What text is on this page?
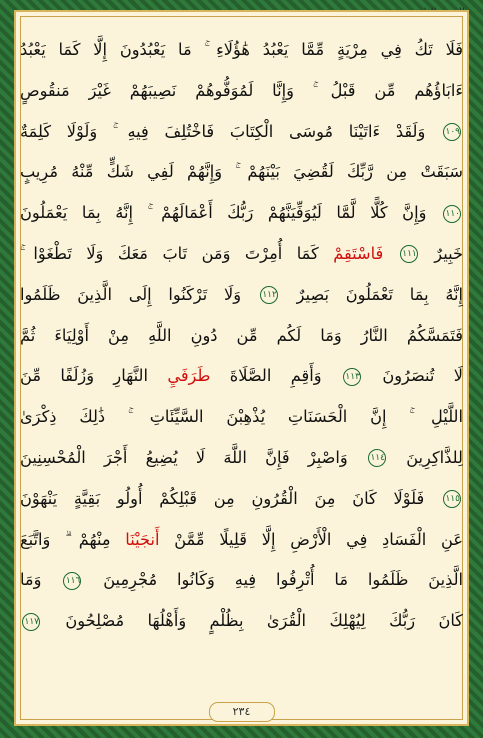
فَلَا تَكُ فِي مِرْيَةٍ مِّمَّا يَعْبُدُ هَٰؤُلَاءِ ۚ مَا يَعْبُدُونَ إِلَّا كَمَا يَعْبُدُ
ءَابَاؤُهُم مِّن قَبْلُ ۚ وَإِنَّا لَمُوَفُّوهُمْ نَصِيبَهُمْ غَيْرَ مَنقُوصٍ
١٠٩ وَلَقَدْ ءَاتَيْنَا مُوسَى الْكِتَابَ فَاخْتُلِفَ فِيهِ ۚ وَلَوْلَا كَلِمَةٌ
سَبَقَتْ مِن رَّبِّكَ لَقُضِيَ بَيْنَهُمْ ۚ وَإِنَّهُمْ لَفِي شَكٍّ مِّنْهُ مُرِيبٍ
١١٠ وَإِنَّ كُلًّا لَّمَّا لَيُوَفِّيَنَّهُمْ رَبُّكَ أَعْمَالَهُمْ ۚ إِنَّهُ بِمَا يَعْمَلُونَ
خَبِيرٌ ١١١ فَاسْتَقِمْ كَمَا أُمِرْتَ وَمَن تَابَ مَعَكَ وَلَا تَطْغَوْا ۚ
إِنَّهُ بِمَا تَعْمَلُونَ بَصِيرٌ ١١٢ وَلَا تَرْكَنُوا إِلَى الَّذِينَ ظَلَمُوا
فَتَمَسَّكُمُ النَّارُ وَمَا لَكُم مِّن دُونِ اللَّهِ مِنْ أَوْلِيَاءَ ثُمَّ
لَا تُنصَرُونَ ١١٣ وَأَقِمِ الصَّلَاةَ طَرَفَيِ النَّهَارِ وَزُلَفًا مِّنَ
اللَّيْلِ ۚ إِنَّ الْحَسَنَاتِ يُذْهِبْنَ السَّيِّئَاتِ ۚ ذَٰلِكَ ذِكْرَىٰ
لِلذَّاكِرِينَ ١١٤ وَاصْبِرْ فَإِنَّ اللَّهَ لَا يُضِيعُ أَجْرَ الْمُحْسِنِينَ
١١٥ فَلَوْلَا كَانَ مِنَ الْقُرُونِ مِن قَبْلِكُمْ أُولُو بَقِيَّةٍ يَنْهَوْنَ
عَنِ الْفَسَادِ فِي الْأَرْضِ إِلَّا قَلِيلًا مِّمَّنْ أَنجَيْنَا مِنْهُمْ ۗ وَاتَّبَعَ
الَّذِينَ ظَلَمُوا مَا أُتْرِفُوا فِيهِ وَكَانُوا مُجْرِمِينَ ١١٦ وَمَا
كَانَ رَبُّكَ لِيُهْلِكَ الْقُرَىٰ بِظُلْمٍ وَأَهْلُهَا مُصْلِحُونَ ١١٧
٢٣٤
